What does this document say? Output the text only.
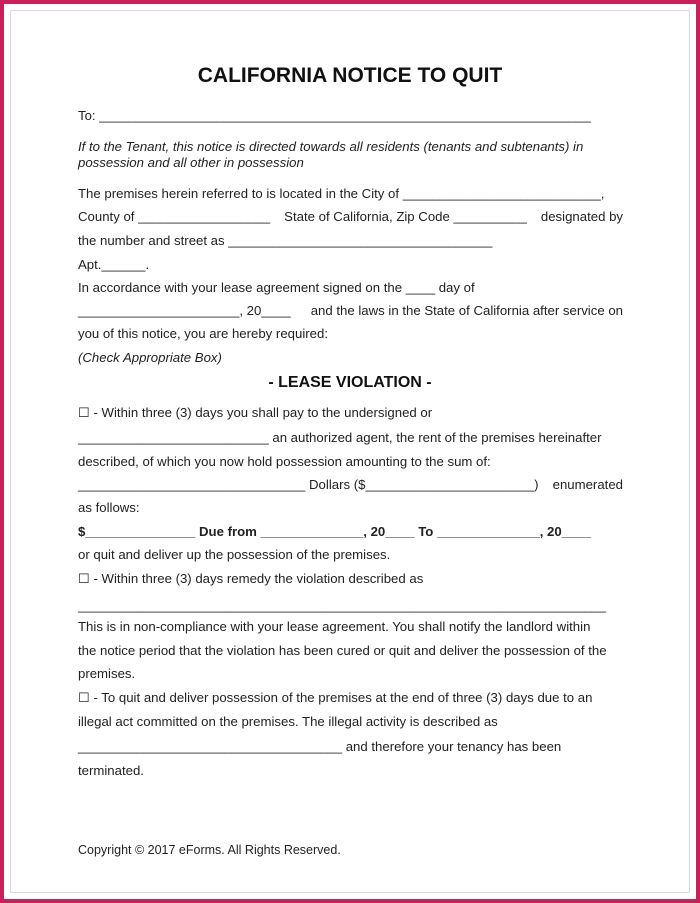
CALIFORNIA NOTICE TO QUIT
To: ___________________________________________________________________
If to the Tenant, this notice is directed towards all residents (tenants and subtenants) in
possession and all other in possession
The premises herein referred to is located in the City of ___________________________,
County of __________________ State of California, Zip Code __________ designated by
the number and street as ____________________________________
Apt.______.
In accordance with your lease agreement signed on the ____ day of
______________________, 20____ and the laws in the State of California after service on
you of this notice, you are hereby required:
(Check Appropriate Box)
- LEASE VIOLATION -
☐ - Within three (3) days you shall pay to the undersigned or
__________________________ an authorized agent, the rent of the premises hereinafter
described, of which you now hold possession amounting to the sum of:
_______________________________ Dollars ($_______________________) enumerated
as follows:
$_______________ Due from ______________, 20____ To ______________, 20____
or quit and deliver up the possession of the premises.
☐ - Within three (3) days remedy the violation described as
________________________________________________________________________
This is in non-compliance with your lease agreement. You shall notify the landlord within
the notice period that the violation has been cured or quit and deliver the possession of the
premises.
☐ - To quit and deliver possession of the premises at the end of three (3) days due to an
illegal act committed on the premises. The illegal activity is described as
____________________________________ and therefore your tenancy has been
terminated.
Copyright © 2017 eForms. All Rights Reserved.
